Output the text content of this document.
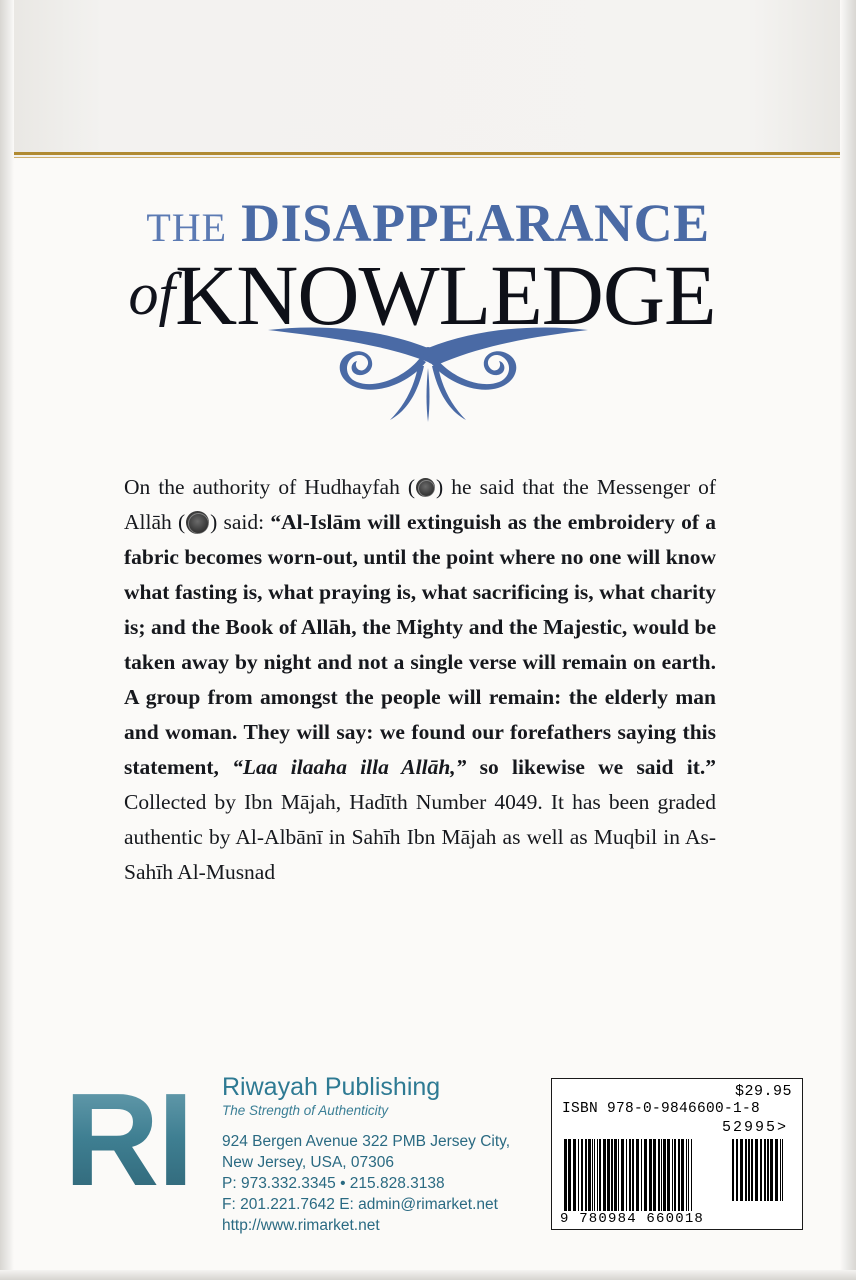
THE DISAPPEARANCE
ofKNOWLEDGE

On the authority of Hudhayfah ( ) he said that the Messenger of Allāh ( ) said: “Al-Islām will extinguish as the embroidery of a fabric becomes worn-out, until the point where no one will know what fasting is, what praying is, what sacrificing is, what charity is; and the Book of Allāh, the Mighty and the Majestic, would be taken away by night and not a single verse will remain on earth. A group from amongst the people will remain: the elderly man and woman. They will say: we found our forefathers saying this statement, “Laa ilaaha illa Allāh,” so likewise we said it.” Collected by Ibn Mājah, Hadīth Number 4049. It has been graded authentic by Al-Albānī in Sahīh Ibn Mājah as well as Muqbil in As-Sahīh Al-Musnad

RI	Riwayah Publishing
The Strength of Authenticity
924 Bergen Avenue 322 PMB Jersey City,
New Jersey, USA, 07306
P: 973.332.3345 • 215.828.3138
F: 201.221.7642 E: admin@rimarket.net
http://www.rimarket.net
$29.95
ISBN 978-0-9846600-1-8
52995>
9 780984 660018
